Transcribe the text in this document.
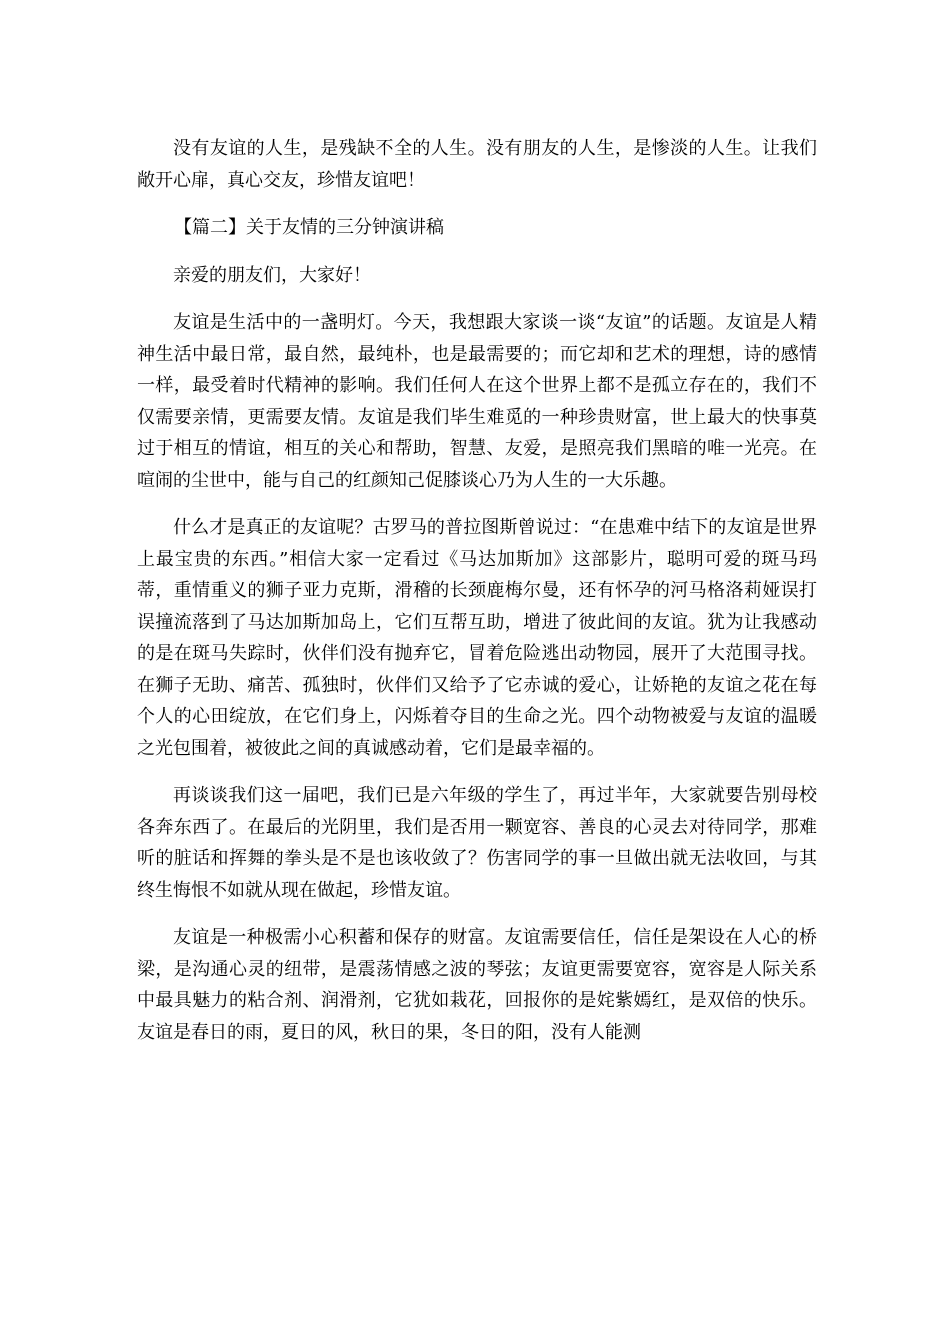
没有友谊的人生，是残缺不全的人生。没有朋友的人生，是惨淡的人生。让我们敞开心扉，真心交友，珍惜友谊吧！

【篇二】关于友情的三分钟演讲稿

亲爱的朋友们，大家好！

友谊是生活中的一盏明灯。今天，我想跟大家谈一谈“友谊”的话题。友谊是人精神生活中最日常，最自然，最纯朴，也是最需要的；而它却和艺术的理想，诗的感情一样，最受着时代精神的影响。我们任何人在这个世界上都不是孤立存在的，我们不仅需要亲情，更需要友情。友谊是我们毕生难觅的一种珍贵财富，世上最大的快事莫过于相互的情谊，相互的关心和帮助，智慧、友爱，是照亮我们黑暗的唯一光亮。在喧闹的尘世中，能与自己的红颜知己促膝谈心乃为人生的一大乐趣。

什么才是真正的友谊呢？古罗马的普拉图斯曾说过：“在患难中结下的友谊是世界上最宝贵的东西。”相信大家一定看过《马达加斯加》这部影片，聪明可爱的斑马玛蒂，重情重义的狮子亚力克斯，滑稽的长颈鹿梅尔曼，还有怀孕的河马格洛莉娅误打误撞流落到了马达加斯加岛上，它们互帮互助，增进了彼此间的友谊。犹为让我感动的是在斑马失踪时，伙伴们没有抛弃它，冒着危险逃出动物园，展开了大范围寻找。在狮子无助、痛苦、孤独时，伙伴们又给予了它赤诚的爱心，让娇艳的友谊之花在每个人的心田绽放，在它们身上，闪烁着夺目的生命之光。四个动物被爱与友谊的温暖之光包围着，被彼此之间的真诚感动着，它们是最幸福的。

再谈谈我们这一届吧，我们已是六年级的学生了，再过半年，大家就要告别母校各奔东西了。在最后的光阴里，我们是否用一颗宽容、善良的心灵去对待同学，那难听的脏话和挥舞的拳头是不是也该收敛了？伤害同学的事一旦做出就无法收回，与其终生悔恨不如就从现在做起，珍惜友谊。

友谊是一种极需小心积蓄和保存的财富。友谊需要信任，信任是架设在人心的桥梁，是沟通心灵的纽带，是震荡情感之波的琴弦；友谊更需要宽容，宽容是人际关系中最具魅力的粘合剂、润滑剂，它犹如栽花，回报你的是姹紫嫣红，是双倍的快乐。友谊是春日的雨，夏日的风，秋日的果，冬日的阳，没有人能测
